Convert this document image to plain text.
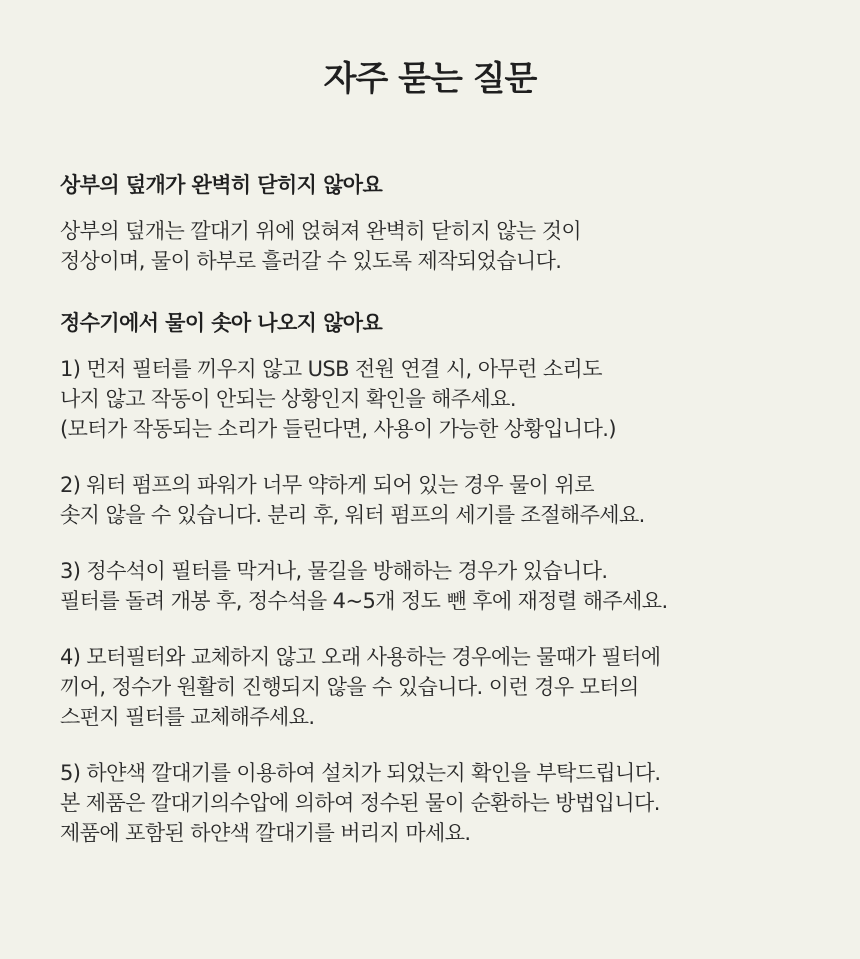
자주 묻는 질문

상부의 덮개가 완벽히 닫히지 않아요

상부의 덮개는 깔대기 위에 얹혀져 완벽히 닫히지 않는 것이
정상이며, 물이 하부로 흘러갈 수 있도록 제작되었습니다.

정수기에서 물이 솟아 나오지 않아요

1) 먼저 필터를 끼우지 않고 USB 전원 연결 시, 아무런 소리도
나지 않고 작동이 안되는 상황인지 확인을 해주세요.
(모터가 작동되는 소리가 들린다면, 사용이 가능한 상황입니다.)

2) 워터 펌프의 파워가 너무 약하게 되어 있는 경우 물이 위로
솟지 않을 수 있습니다. 분리 후, 워터 펌프의 세기를 조절해주세요.

3) 정수석이 필터를 막거나, 물길을 방해하는 경우가 있습니다.
필터를 돌려 개봉 후, 정수석을 4~5개 정도 뺀 후에 재정렬 해주세요.

4) 모터필터와 교체하지 않고 오래 사용하는 경우에는 물때가 필터에
끼어, 정수가 원활히 진행되지 않을 수 있습니다. 이런 경우 모터의
스펀지 필터를 교체해주세요.

5) 하얀색 깔대기를 이용하여 설치가 되었는지 확인을 부탁드립니다.
본 제품은 깔대기의수압에 의하여 정수된 물이 순환하는 방법입니다.
제품에 포함된 하얀색 깔대기를 버리지 마세요.
